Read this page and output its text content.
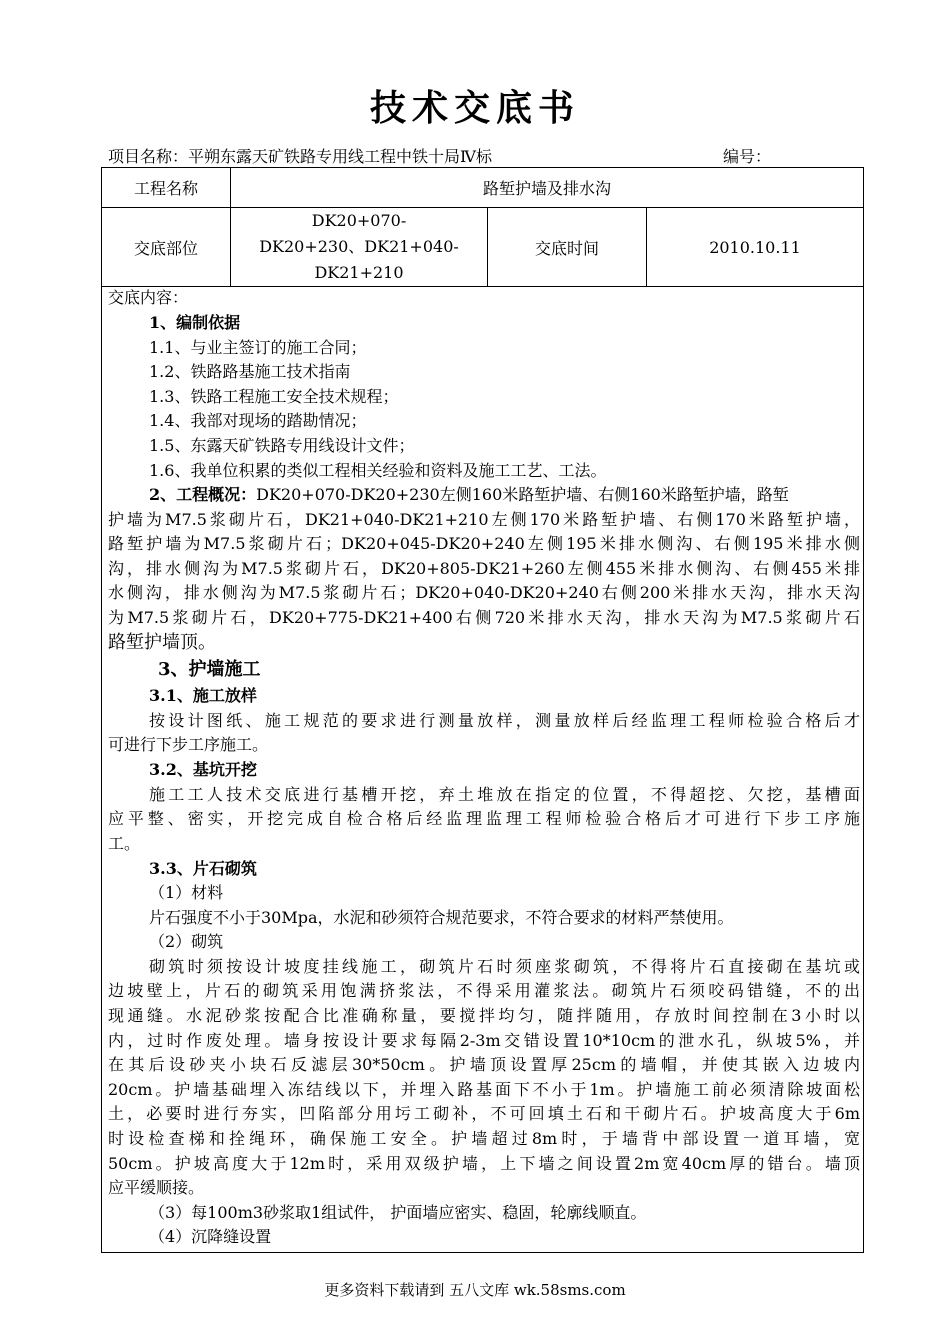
技术交底书
项目名称：平朔东露天矿铁路专用线工程中铁十局Ⅳ标	编号：
工程名称	路堑护墙及排水沟		
交底部位	DK20+070-
DK20+230、DK21+040-
DK21+210	交底时间	2010.10.11
交底内容：
1、编制依据
1.1、与业主签订的施工合同；
1.2、铁路路基施工技术指南
1.3、铁路工程施工安全技术规程；
1.4、我部对现场的踏勘情况；
1.5、东露天矿铁路专用线设计文件；
1.6、我单位积累的类似工程相关经验和资料及施工工艺、工法。
2、工程概况：DK20+070-DK20+230左侧160米路堑护墙、右侧160米路堑护墙，路堑
护墙为M7.5浆砌片石，DK21+040-DK21+210左侧170米路堑护墙、右侧170米路堑护墙，
路堑护墙为M7.5浆砌片石；DK20+045-DK20+240左侧195米排水侧沟、右侧195米排水侧
沟，排水侧沟为M7.5浆砌片石，DK20+805-DK21+260左侧455米排水侧沟、右侧455米排
水侧沟，排水侧沟为M7.5浆砌片石；DK20+040-DK20+240右侧200米排水天沟，排水天沟
为M7.5浆砌片石，DK20+775-DK21+400右侧720米排水天沟，排水天沟为M7.5浆砌片石
路堑护墙顶。
3、护墙施工
3.1、施工放样
按设计图纸、施工规范的要求进行测量放样，测量放样后经监理工程师检验合格后才
可进行下步工序施工。
3.2、基坑开挖
施工工人技术交底进行基槽开挖，弃土堆放在指定的位置，不得超挖、欠挖，基槽面
应平整、密实，开挖完成自检合格后经监理监理工程师检验合格后才可进行下步工序施
工。
3.3、片石砌筑
（1）材料
片石强度不小于30Mpa，水泥和砂须符合规范要求，不符合要求的材料严禁使用。
（2）砌筑
砌筑时须按设计坡度挂线施工，砌筑片石时须座浆砌筑，不得将片石直接砌在基坑或
边坡壁上，片石的砌筑采用饱满挤浆法，不得采用灌浆法。砌筑片石须咬码错缝，不的出
现通缝。水泥砂浆按配合比准确称量，要搅拌均匀，随拌随用，存放时间控制在3小时以
内，过时作废处理。墙身按设计要求每隔2-3m交错设置10*10cm的泄水孔，纵坡5%，并
在其后设砂夹小块石反滤层30*50cm。护墙顶设置厚25cm的墙帽，并使其嵌入边坡内
20cm。护墙基础埋入冻结线以下，并埋入路基面下不小于1m。护墙施工前必须清除坡面松
土，必要时进行夯实，凹陷部分用圬工砌补，不可回填土石和干砌片石。护坡高度大于6m
时设检查梯和拴绳环，确保施工安全。护墙超过8m时，于墙背中部设置一道耳墙，宽
50cm。护坡高度大于12m时，采用双级护墙，上下墙之间设置2m宽40cm厚的错台。墙顶
应平缓顺接。
（3）每100m3砂浆取1组试件， 护面墙应密实、稳固，轮廓线顺直。
（4）沉降缝设置
更多资料下载请到 五八文库 wk.58sms.com
